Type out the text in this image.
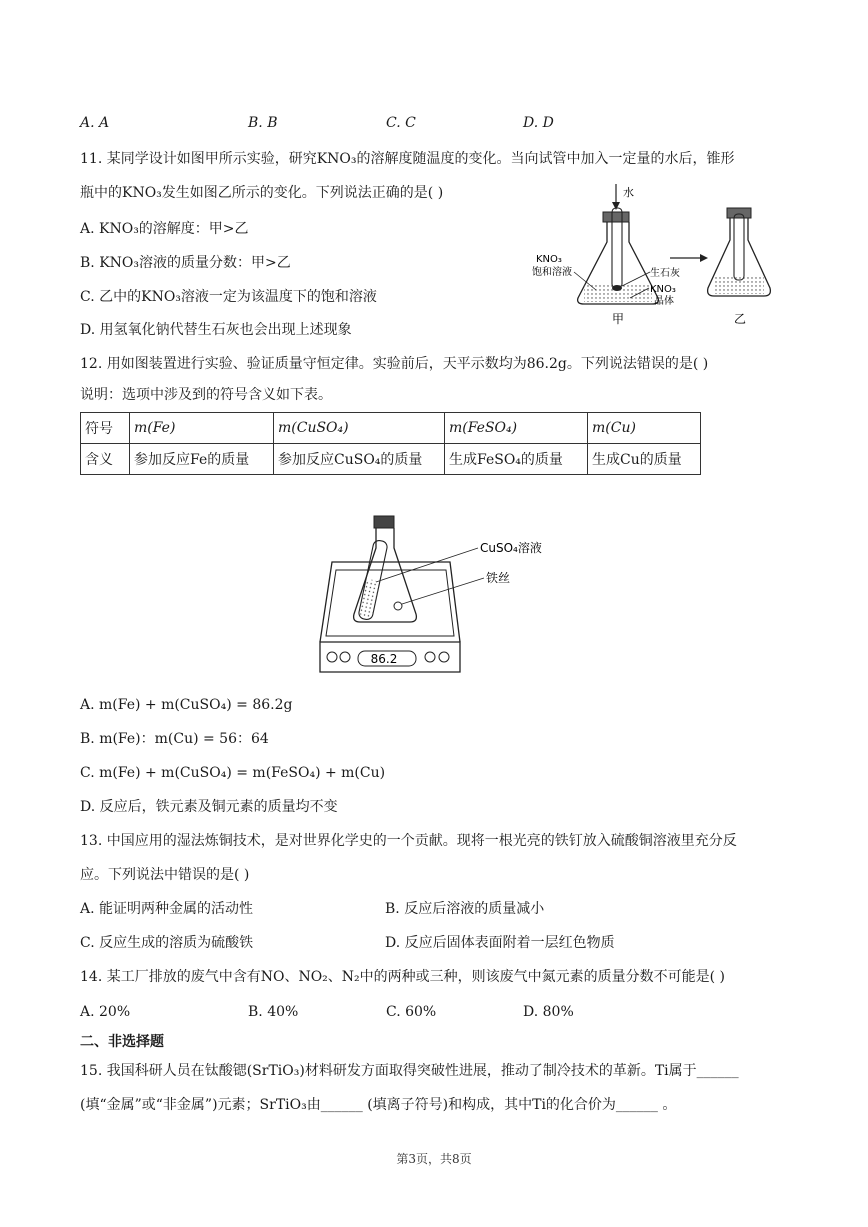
A. A	B. B	C. C	D. D
11. 某同学设计如图甲所示实验，研究KNO₃的溶解度随温度的变化。当向试管中加入一定量的水后，锥形
瓶中的KNO₃发生如图乙所示的变化。下列说法正确的是( )
A. KNO₃的溶解度：甲>乙
B. KNO₃溶液的质量分数：甲>乙
C. 乙中的KNO₃溶液一定为该温度下的饱和溶液
D. 用氢氧化钠代替生石灰也会出现上述现象
水
KNO₃
饱和溶液	生石灰
KNO₃
晶体
甲	乙
12. 用如图装置进行实验、验证质量守恒定律。实验前后，天平示数均为86.2g。下列说法错误的是( )
说明：选项中涉及到的符号含义如下表。
符号	m(Fe)	m(CuSO₄)	m(FeSO₄)	m(Cu)
含义	参加反应Fe的质量	参加反应CuSO₄的质量	生成FeSO₄的质量	生成Cu的质量
86.2
CuSO₄溶液
铁丝
A. m(Fe) + m(CuSO₄) = 86.2g
B. m(Fe)：m(Cu) = 56：64
C. m(Fe) + m(CuSO₄) = m(FeSO₄) + m(Cu)
D. 反应后，铁元素及铜元素的质量均不变
13. 中国应用的湿法炼铜技术，是对世界化学史的一个贡献。现将一根光亮的铁钉放入硫酸铜溶液里充分反
应。下列说法中错误的是( )
A. 能证明两种金属的活动性	B. 反应后溶液的质量减小
C. 反应生成的溶质为硫酸铁	D. 反应后固体表面附着一层红色物质
14. 某工厂排放的废气中含有NO、NO₂、N₂中的两种或三种，则该废气中氮元素的质量分数不可能是( )
A. 20%	B. 40%	C. 60%	D. 80%
二、非选择题
15. 我国科研人员在钛酸锶(SrTiO₃)材料研发方面取得突破性进展，推动了制冷技术的革新。Ti属于______
(填“金属”或“非金属”)元素；SrTiO₃由______ (填离子符号)和构成，其中Ti的化合价为______ 。
第3页，共8页
